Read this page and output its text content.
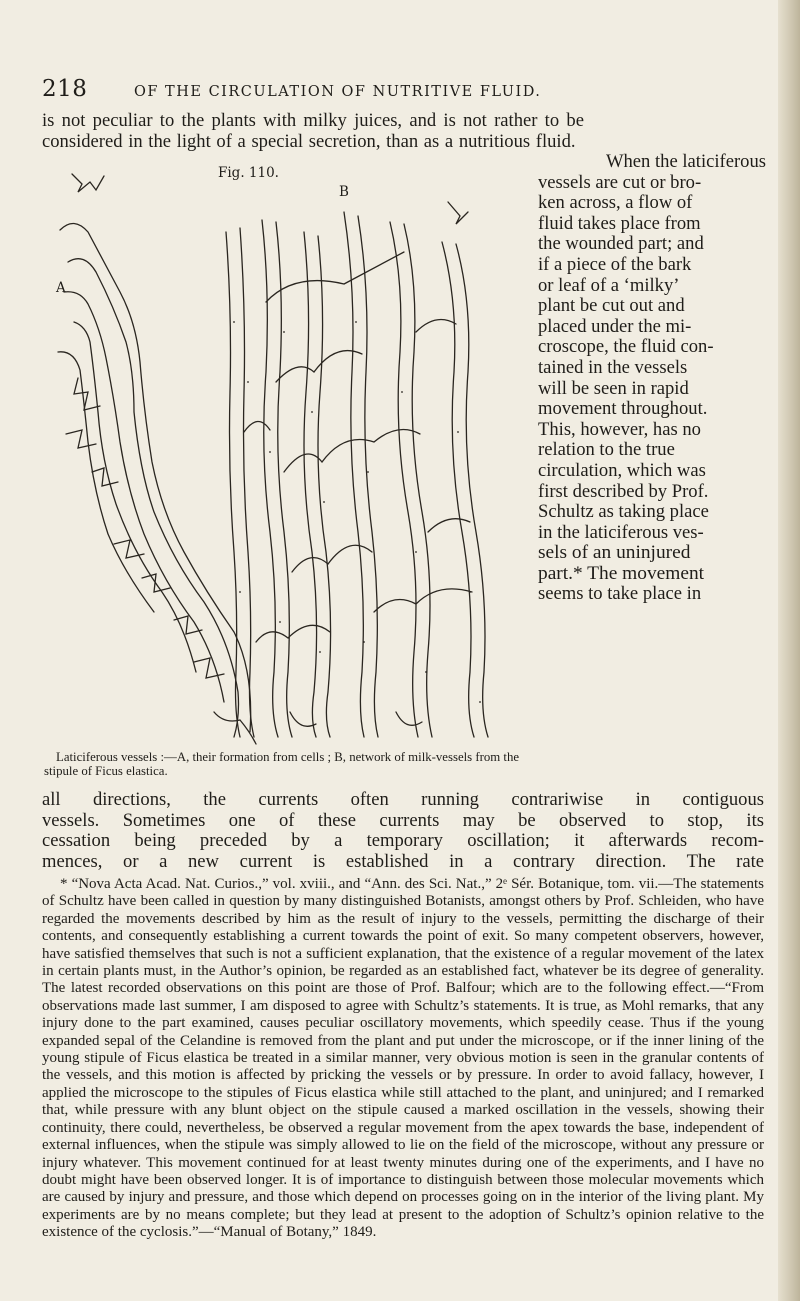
218	OF THE CIRCULATION OF NUTRITIVE FLUID.
is not peculiar to the plants with milky juices, and is not rather to be
considered in the light of a special secretion, than as a nutritious fluid.
When the laticiferous
vessels are cut or bro-
ken across, a flow of
fluid takes place from
the wounded part; and
if a piece of the bark
or leaf of a ‘milky’
plant be cut out and
placed under the mi-
croscope, the fluid con-
tained in the vessels
will be seen in rapid
movement throughout.
This, however, has no
relation to the true
circulation, which was
first described by Prof.
Schultz as taking place
in the laticiferous ves-
sels of an uninjured
part.* The movement
seems to take place in
Fig. 110.
A
B
Laticiferous vessels :—A, their formation from cells ; B, network of milk-vessels from the stipule of Ficus elastica.
all directions, the currents often running contrariwise in contiguous
vessels. Sometimes one of these currents may be observed to stop, its
cessation being preceded by a temporary oscillation; it afterwards recom-
mences, or a new current is established in a contrary direction. The rate
* “Nova Acta Acad. Nat. Curios.,” vol. xviii., and “Ann. des Sci. Nat.,” 2ᵉ Sér. Botanique, tom. vii.—The statements of Schultz have been called in question by many distinguished Botanists, amongst others by Prof. Schleiden, who have regarded the movements described by him as the result of injury to the vessels, permitting the discharge of their contents, and consequently establishing a current towards the point of exit. So many competent observers, however, have satisfied themselves that such is not a sufficient explanation, that the existence of a regular movement of the latex in certain plants must, in the Author’s opinion, be regarded as an established fact, whatever be its degree of generality. The latest recorded observations on this point are those of Prof. Balfour; which are to the following effect.—“From observations made last summer, I am disposed to agree with Schultz’s statements. It is true, as Mohl remarks, that any injury done to the part examined, causes peculiar oscillatory movements, which speedily cease. Thus if the young expanded sepal of the Celandine is removed from the plant and put under the microscope, or if the inner lining of the young stipule of Ficus elastica be treated in a similar manner, very obvious motion is seen in the granular contents of the vessels, and this motion is affected by pricking the vessels or by pressure. In order to avoid fallacy, however, I applied the microscope to the stipules of Ficus elastica while still attached to the plant, and uninjured; and I remarked that, while pressure with any blunt object on the stipule caused a marked oscillation in the vessels, showing their continuity, there could, nevertheless, be observed a regular movement from the apex towards the base, independent of external influences, when the stipule was simply allowed to lie on the field of the microscope, without any pressure or injury whatever. This movement continued for at least twenty minutes during one of the experiments, and I have no doubt might have been observed longer. It is of importance to distinguish between those molecular movements which are caused by injury and pressure, and those which depend on processes going on in the interior of the living plant. My experiments are by no means complete; but they lead at present to the adoption of Schultz’s opinion relative to the existence of the cyclosis.”—“Manual of Botany,” 1849.
